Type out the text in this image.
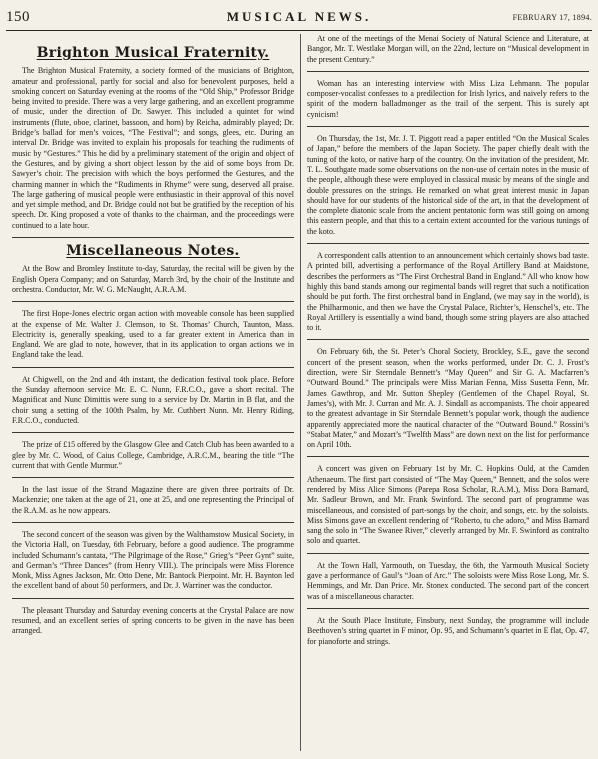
150	MUSICAL NEWS.	FEBRUARY 17, 1894.
Brighton Musical Fraternity.

The Brighton Musical Fraternity, a society formed of the musicians of Brighton, amateur and professional, partly for social and also for benevolent purposes, held a smoking concert on Saturday evening at the rooms of the “Old Ship,” Professor Bridge being invited to preside. There was a very large gathering, and an excellent programme of music, under the direction of Dr. Sawyer. This included a quintet for wind instruments (flute, oboe, clarinet, bassoon, and horn) by Reicha, admirably played; Dr. Bridge’s ballad for men’s voices, “The Festival”; and songs, glees, etc. During an interval Dr. Bridge was invited to explain his proposals for teaching the rudiments of music by “Gestures.” This he did by a preliminary statement of the origin and object of the Gestures, and by giving a short object lesson by the aid of some boys from Dr. Sawyer’s choir. The precision with which the boys performed the Gestures, and the charming manner in which the “Rudiments in Rhyme” were sung, deserved all praise. The large gathering of musical people were enthusiastic in their approval of this novel and yet simple method, and Dr. Bridge could not but be gratified by the reception of his speech. Dr. King proposed a vote of thanks to the chairman, and the proceedings were continued to a late hour.

Miscellaneous Notes.

At the Bow and Bromley Institute to-day, Saturday, the recital will be given by the English Opera Company; and on Saturday, March 3rd, by the choir of the Institute and orchestra. Conductor, Mr. W. G. McNaught, A.R.A.M.

The first Hope-Jones electric organ action with moveable console has been supplied at the expense of Mr. Walter J. Clemson, to St. Thomas’ Church, Taunton, Mass. Electricity is, generally speaking, used to a far greater extent in America than in England. We are glad to note, however, that in its application to organ actions we in England take the lead.

At Chigwell, on the 2nd and 4th instant, the dedication festival took place. Before the Sunday afternoon service Mr. E. C. Nunn, F.R.C.O., gave a short recital. The Magnificat and Nunc Dimittis were sung to a service by Dr. Martin in B flat, and the choir sung a setting of the 100th Psalm, by Mr. Cuthbert Nunn. Mr. Henry Riding, F.R.C.O., conducted.

The prize of £15 offered by the Glasgow Glee and Catch Club has been awarded to a glee by Mr. C. Wood, of Caius College, Cambridge, A.R.C.M., bearing the title “The current that with Gentle Murmur.”

In the last issue of the Strand Magazine there are given three portraits of Dr. Mackenzie; one taken at the age of 21, one at 25, and one representing the Principal of the R.A.M. as he now appears.

The second concert of the season was given by the Walthamstow Musical Society, in the Victoria Hall, on Tuesday, 6th February, before a good audience. The programme included Schumann’s cantata, “The Pilgrimage of the Rose,” Grieg’s “Peer Gynt” suite, and German’s “Three Dances” (from Henry VIII.). The principals were Miss Florence Monk, Miss Agnes Jackson, Mr. Otto Dene, Mr. Bantock Pierpoint. Mr. H. Baynton led the excellent band of about 50 performers, and Dr. J. Warriner was the conductor.

The pleasant Thursday and Saturday evening concerts at the Crystal Palace are now resumed, and an excellent series of spring concerts to be given in the nave has been arranged.

At one of the meetings of the Menai Society of Natural Science and Literature, at Bangor, Mr. T. Westlake Morgan will, on the 22nd, lecture on “Musical development in the present Century.”

Woman has an interesting interview with Miss Liza Lehmann. The popular composer-vocalist confesses to a predilection for Irish lyrics, and naively refers to the spirit of the modern balladmonger as the trail of the serpent. This is surely apt cynicism!

On Thursday, the 1st, Mr. J. T. Piggott read a paper entitled “On the Musical Scales of Japan,” before the members of the Japan Society. The paper chiefly dealt with the tuning of the koto, or native harp of the country. On the invitation of the president, Mr. T. L. Southgate made some observations on the non-use of certain notes in the music of the people, although these were employed in classical music by means of the single and double pressures on the strings. He remarked on what great interest music in Japan should have for our students of the historical side of the art, in that the development of the complete diatonic scale from the ancient pentatonic form was still going on among this eastern people, and that this to a certain extent accounted for the various tunings of the koto.

A correspondent calls attention to an announcement which certainly shows bad taste. A printed bill, advertising a performance of the Royal Artillery Band at Maidstone, describes the performers as “The First Orchestral Band in England.” All who know how highly this band stands among our regimental bands will regret that such a notification should be put forth. The first orchestral band in England, (we may say in the world), is the Philharmonic, and then we have the Crystal Palace, Richter’s, Henschel’s, etc. The Royal Artillery is essentially a wind band, though some string players are also attached to it.

On February 6th, the St. Peter’s Choral Society, Brockley, S.E., gave the second concert of the present season, when the works performed, under Dr. C. J. Frost’s direction, were Sir Sterndale Bennett’s “May Queen” and Sir G. A. Macfarren’s “Outward Bound.” The principals were Miss Marian Fenna, Miss Susetta Fenn, Mr. James Gawthrop, and Mr. Sutton Shepley (Gentlemen of the Chapel Royal, St. James’s), with Mr. J. Curran and Mr. A. J. Sindall as accompanists. The choir appeared to the greatest advantage in Sir Sterndale Bennett’s popular work, though the audience apparently appreciated more the nautical character of the “Outward Bound.” Rossini’s “Stabat Mater,” and Mozart’s “Twelfth Mass” are down next on the list for performance on April 10th.

A concert was given on February 1st by Mr. C. Hopkins Ould, at the Camden Athenaeum. The first part consisted of “The May Queen,” Bennett, and the solos were rendered by Miss Alice Simons (Parepa Rosa Scholar, R.A.M.), Miss Dora Barnard, Mr. Sadleur Brown, and Mr. Frank Swinford. The second part of programme was miscellaneous, and consisted of part-songs by the choir, and songs, etc. by the soloists. Miss Simons gave an excellent rendering of “Roberto, tu che adoro,” and Miss Barnard sang the solo in “The Swanee River,” cleverly arranged by Mr. F. Swinford as contralto solo and quartet.

At the Town Hall, Yarmouth, on Tuesday, the 6th, the Yarmouth Musical Society gave a performance of Gaul’s “Joan of Arc.” The soloists were Miss Rose Long, Mr. S. Hemmings, and Mr. Dan Price. Mr. Stonex conducted. The second part of the concert was of a miscellaneous character.

At the South Place Institute, Finsbury, next Sunday, the programme will include Beethoven’s string quartet in F minor, Op. 95, and Schumann’s quartet in E flat, Op. 47, for pianoforte and strings.
